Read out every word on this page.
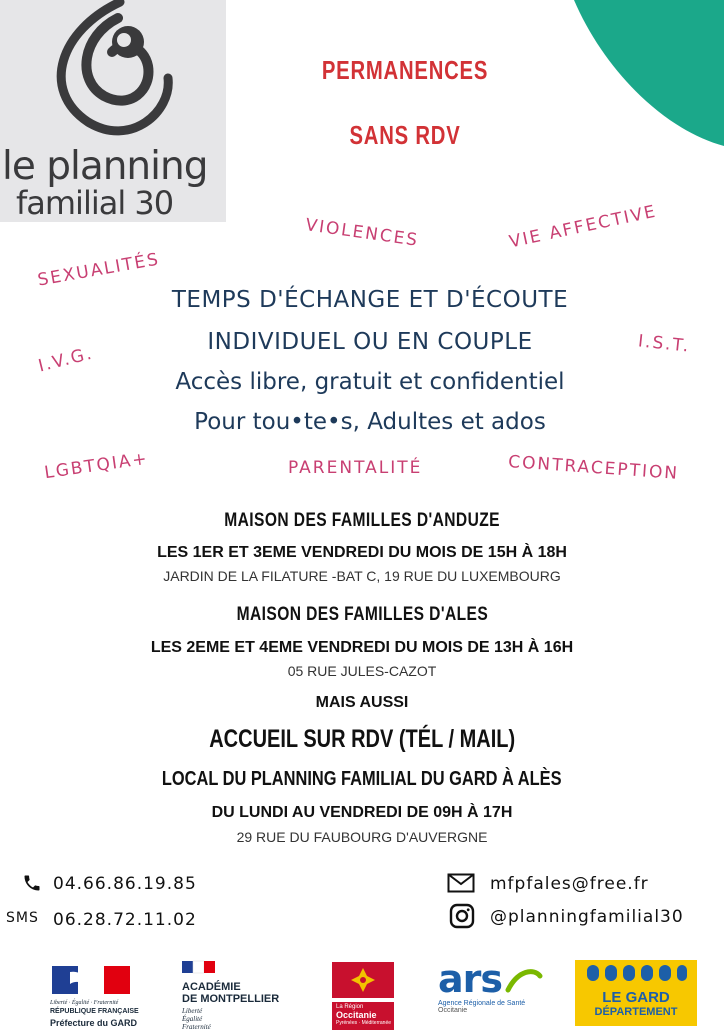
le planning
familial 30
PERMANENCES
SANS RDV
VIOLENCES	VIE AFFECTIVE
SEXUALITÉS
I.V.G.	I.S.T.
LGBTQIA+	PARENTALITÉ	CONTRACEPTION
TEMPS D'ÉCHANGE ET D'ÉCOUTE
INDIVIDUEL OU EN COUPLE
Accès libre, gratuit et confidentiel
Pour tou•te•s, Adultes et ados
MAISON DES FAMILLES D'ANDUZE
LES 1ER ET 3EME VENDREDI DU MOIS DE 15H À 18H
JARDIN DE LA FILATURE -BAT C, 19 RUE DU LUXEMBOURG
MAISON DES FAMILLES D'ALES
LES 2EME ET 4EME VENDREDI DU MOIS DE 13H À 16H
05 RUE JULES-CAZOT
MAIS AUSSI
ACCUEIL SUR RDV (TÉL / MAIL)
LOCAL DU PLANNING FAMILIAL DU GARD À ALÈS
DU LUNDI AU VENDREDI DE 09H À 17H
29 RUE DU FAUBOURG D'AUVERGNE
04.66.86.19.85
SMS 06.28.72.11.02
mfpfales@free.fr
@planningfamilial30
Liberté · Égalité · Fraternité
RÉPUBLIQUE FRANÇAISE
Préfecture du GARD
ACADÉMIE
DE MONTPELLIER
Liberté
Égalité
Fraternité
La Région
Occitanie
Pyrénées · Méditerranée
ars
Agence Régionale de Santé
Occitanie
LE GARD
DÉPARTEMENT
